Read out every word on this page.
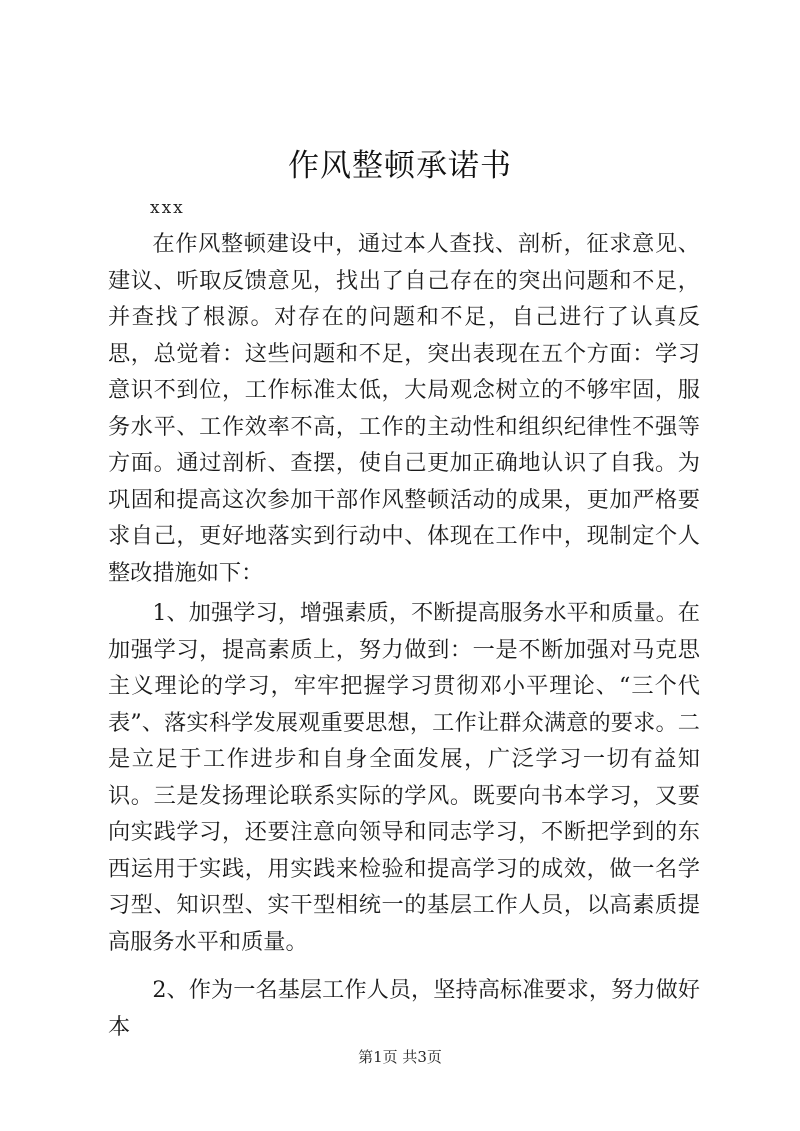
作风整顿承诺书
xxx

在作风整顿建设中，通过本人查找、剖析，征求意见、建议、听取反馈意见，找出了自己存在的突出问题和不足，并查找了根源。对存在的问题和不足，自己进行了认真反思，总觉着：这些问题和不足，突出表现在五个方面：学习意识不到位，工作标准太低，大局观念树立的不够牢固，服务水平、工作效率不高，工作的主动性和组织纪律性不强等方面。通过剖析、查摆，使自己更加正确地认识了自我。为巩固和提高这次参加干部作风整顿活动的成果，更加严格要求自己，更好地落实到行动中、体现在工作中，现制定个人整改措施如下：

1、加强学习，增强素质，不断提高服务水平和质量。在加强学习，提高素质上，努力做到：一是不断加强对马克思主义理论的学习，牢牢把握学习贯彻邓小平理论、“三个代表”、落实科学发展观重要思想，工作让群众满意的要求。二是立足于工作进步和自身全面发展，广泛学习一切有益知识。三是发扬理论联系实际的学风。既要向书本学习，又要向实践学习，还要注意向领导和同志学习，不断把学到的东西运用于实践，用实践来检验和提高学习的成效，做一名学习型、知识型、实干型相统一的基层工作人员，以高素质提高服务水平和质量。

2、作为一名基层工作人员，坚持高标准要求，努力做好本

第1页 共3页
